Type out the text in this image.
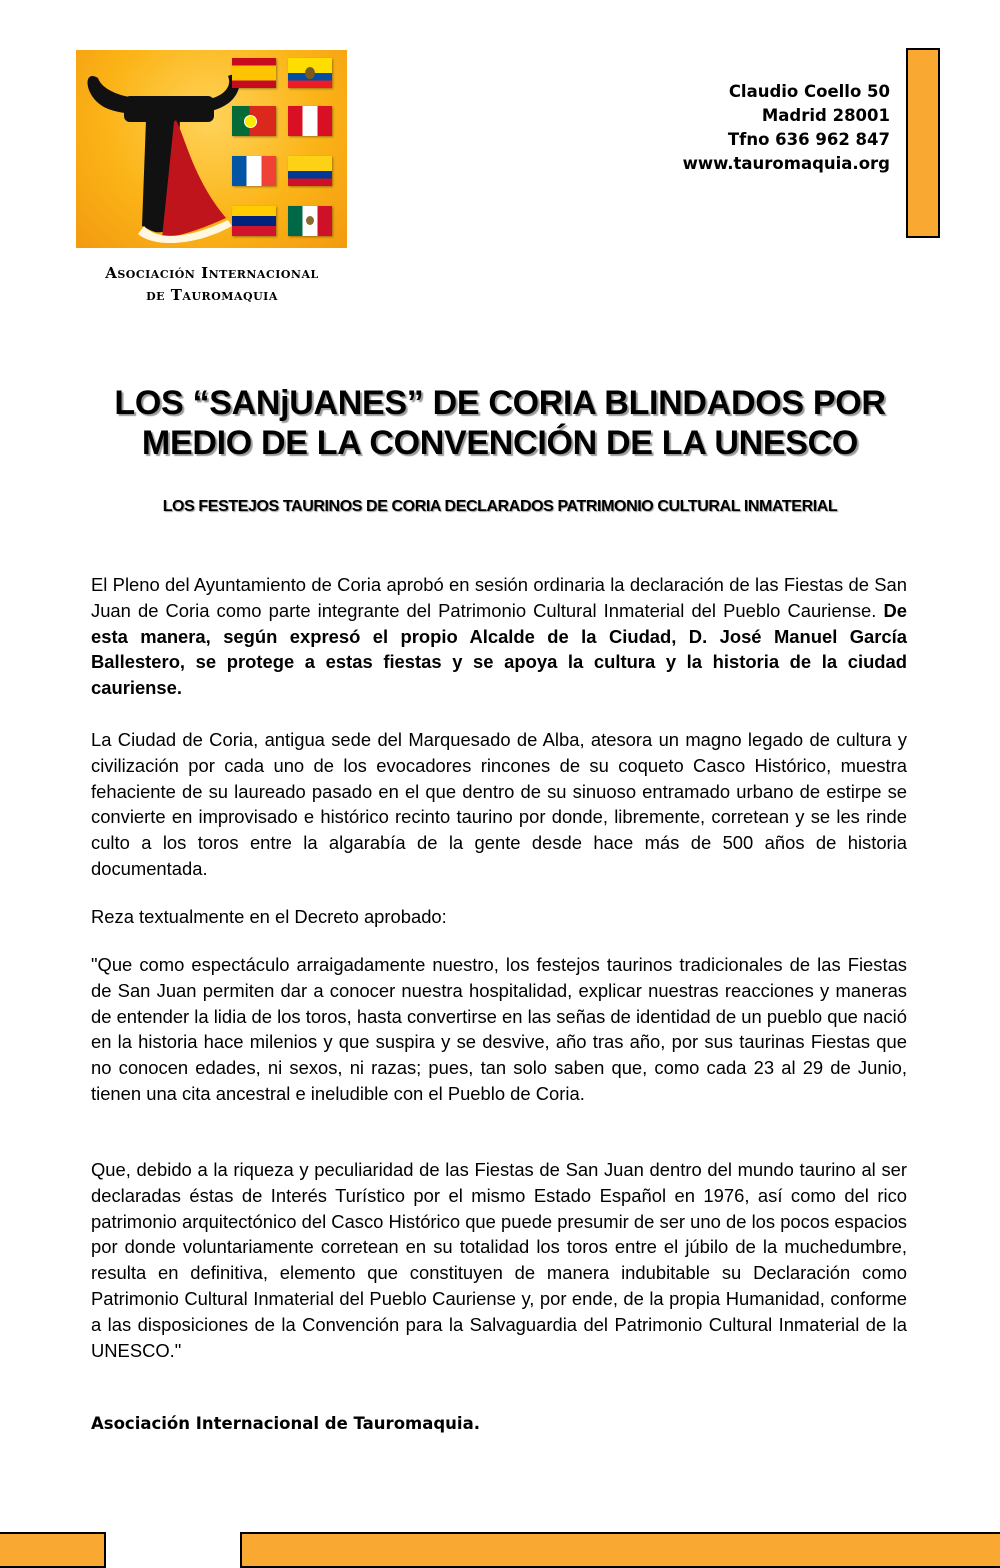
Asociación Internacional
de Tauromaquia
Claudio Coello 50
Madrid 28001
Tfno 636 962 847
www.tauromaquia.org
LOS “SANjUANES” DE CORIA BLINDADOS POR
MEDIO DE LA CONVENCIÓN DE LA UNESCO
LOS FESTEJOS TAURINOS DE CORIA DECLARADOS PATRIMONIO CULTURAL INMATERIAL

El Pleno del Ayuntamiento de Coria aprobó en sesión ordinaria la declaración de las Fiestas de San Juan de Coria como parte integrante del Patrimonio Cultural Inmaterial del Pueblo Cauriense. De esta manera, según expresó el propio Alcalde de la Ciudad, D. José Manuel García Ballestero, se protege a estas fiestas y se apoya la cultura y la historia de la ciudad cauriense.

La Ciudad de Coria, antigua sede del Marquesado de Alba, atesora un magno legado de cultura y civilización por cada uno de los evocadores rincones de su coqueto Casco Histórico, muestra fehaciente de su laureado pasado en el que dentro de su sinuoso entramado urbano de estirpe se convierte en improvisado e histórico recinto taurino por donde, libremente, corretean y se les rinde culto a los toros entre la algarabía de la gente desde hace más de 500 años de historia documentada.

Reza textualmente en el Decreto aprobado:

"Que como espectáculo arraigadamente nuestro, los festejos taurinos tradicionales de las Fiestas de San Juan permiten dar a conocer nuestra hospitalidad, explicar nuestras reacciones y maneras de entender la lidia de los toros, hasta convertirse en las señas de identidad de un pueblo que nació en la historia hace milenios y que suspira y se desvive, año tras año, por sus taurinas Fiestas que no conocen edades, ni sexos, ni razas; pues, tan solo saben que, como cada 23 al 29 de Junio, tienen una cita ancestral e ineludible con el Pueblo de Coria.

Que, debido a la riqueza y peculiaridad de las Fiestas de San Juan dentro del mundo taurino al ser declaradas éstas de Interés Turístico por el mismo Estado Español en 1976, así como del rico patrimonio arquitectónico del Casco Histórico que puede presumir de ser uno de los pocos espacios por donde voluntariamente corretean en su totalidad los toros entre el júbilo de la muchedumbre, resulta en definitiva, elemento que constituyen de manera indubitable su Declaración como Patrimonio Cultural Inmaterial del Pueblo Cauriense y, por ende, de la propia Humanidad, conforme a las disposiciones de la Convención para la Salvaguardia del Patrimonio Cultural Inmaterial de la UNESCO."

Asociación Internacional de Tauromaquia.
